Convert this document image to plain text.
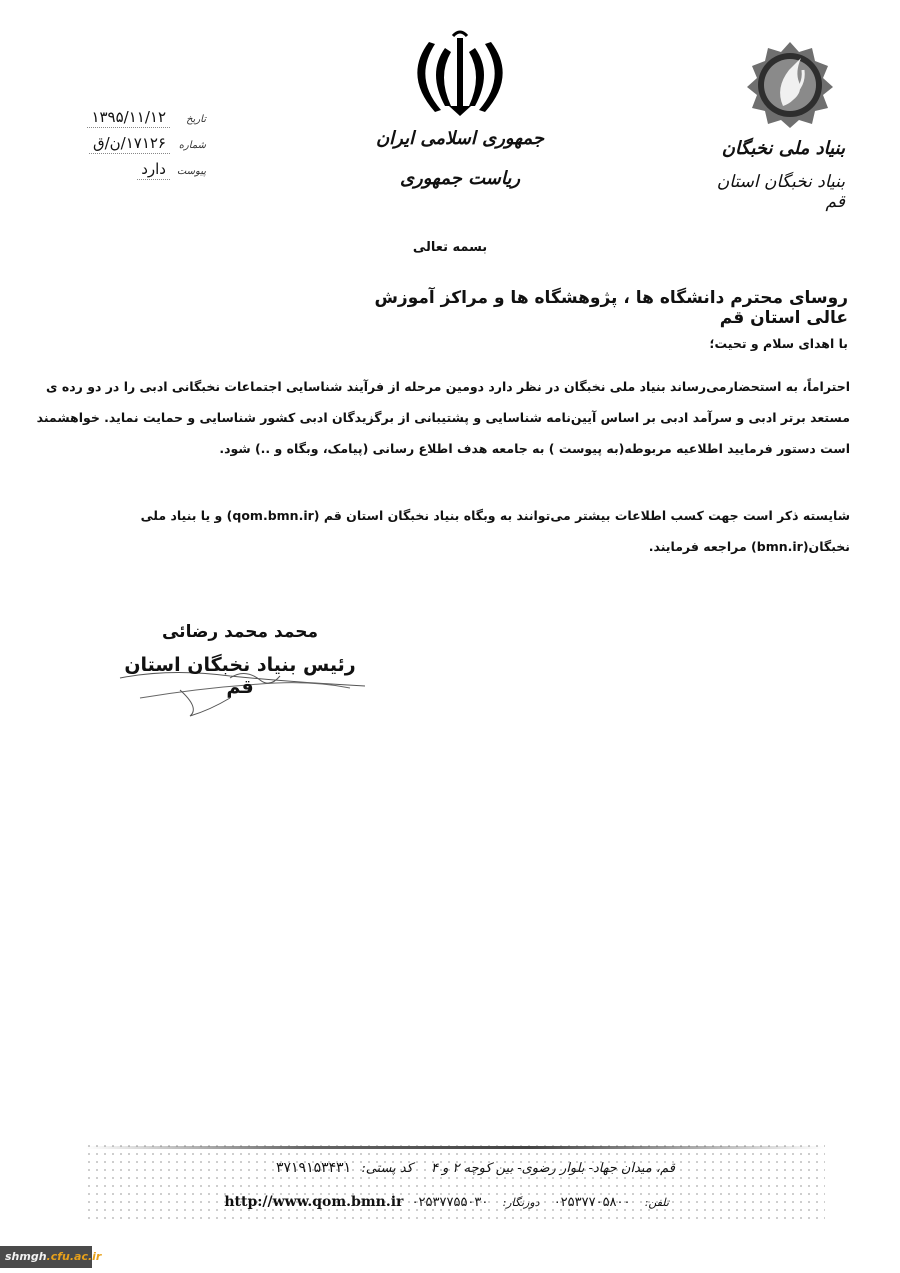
تاریخ
۱۳۹۵/۱۱/۱۲
شماره
۱۷۱۲۶/ن/ق
پیوست
دارد
جمهوری اسلامی ایران
ریاست جمهوری
بنیاد ملی نخبگان
بنیاد نخبگان استان قم
بسمه تعالی
روسای محترم دانشگاه ها ، پژوهشگاه ها و مراکز آموزش عالی استان قم
با اهدای سلام و تحیت؛
احتراماً، به استحضارمی‌رساند بنیاد ملی نخبگان در نظر دارد دومین مرحله از فرآیند شناسایی اجتماعات نخبگانی ادبی را در دو رده ی
مستعد برتر ادبی و سرآمد ادبی بر اساس آیین‌نامه شناسایی و پشتیبانی از برگزیدگان ادبی کشور شناسایی و حمایت نماید. خواهشمند
است دستور فرمایید اطلاعیه مربوطه(به پیوست ) به جامعه هدف اطلاع رسانی (پیامک، وبگاه و ..) شود.
شایسته ذکر است جهت کسب اطلاعات بیشتر می‌توانند به وبگاه بنیاد نخبگان استان قم (qom.bmn.ir) و یا بنیاد ملی
نخبگان(bmn.ir) مراجعه فرمایند.
محمد محمد رضائی
رئیس بنیاد نخبگان استان قم
قم، میدان جهاد- بلوار رضوی- بین کوچه ۲ و ۴ کد پستی: ۳۷۱۹۱۵۳۴۳۱
تلفن: ۰۲۵۳۷۷۰۵۸۰۰ دورنگار: ۰۲۵۳۷۷۵۵۰۳۰ http://www.qom.bmn.ir
shmgh.cfu.ac.ir
